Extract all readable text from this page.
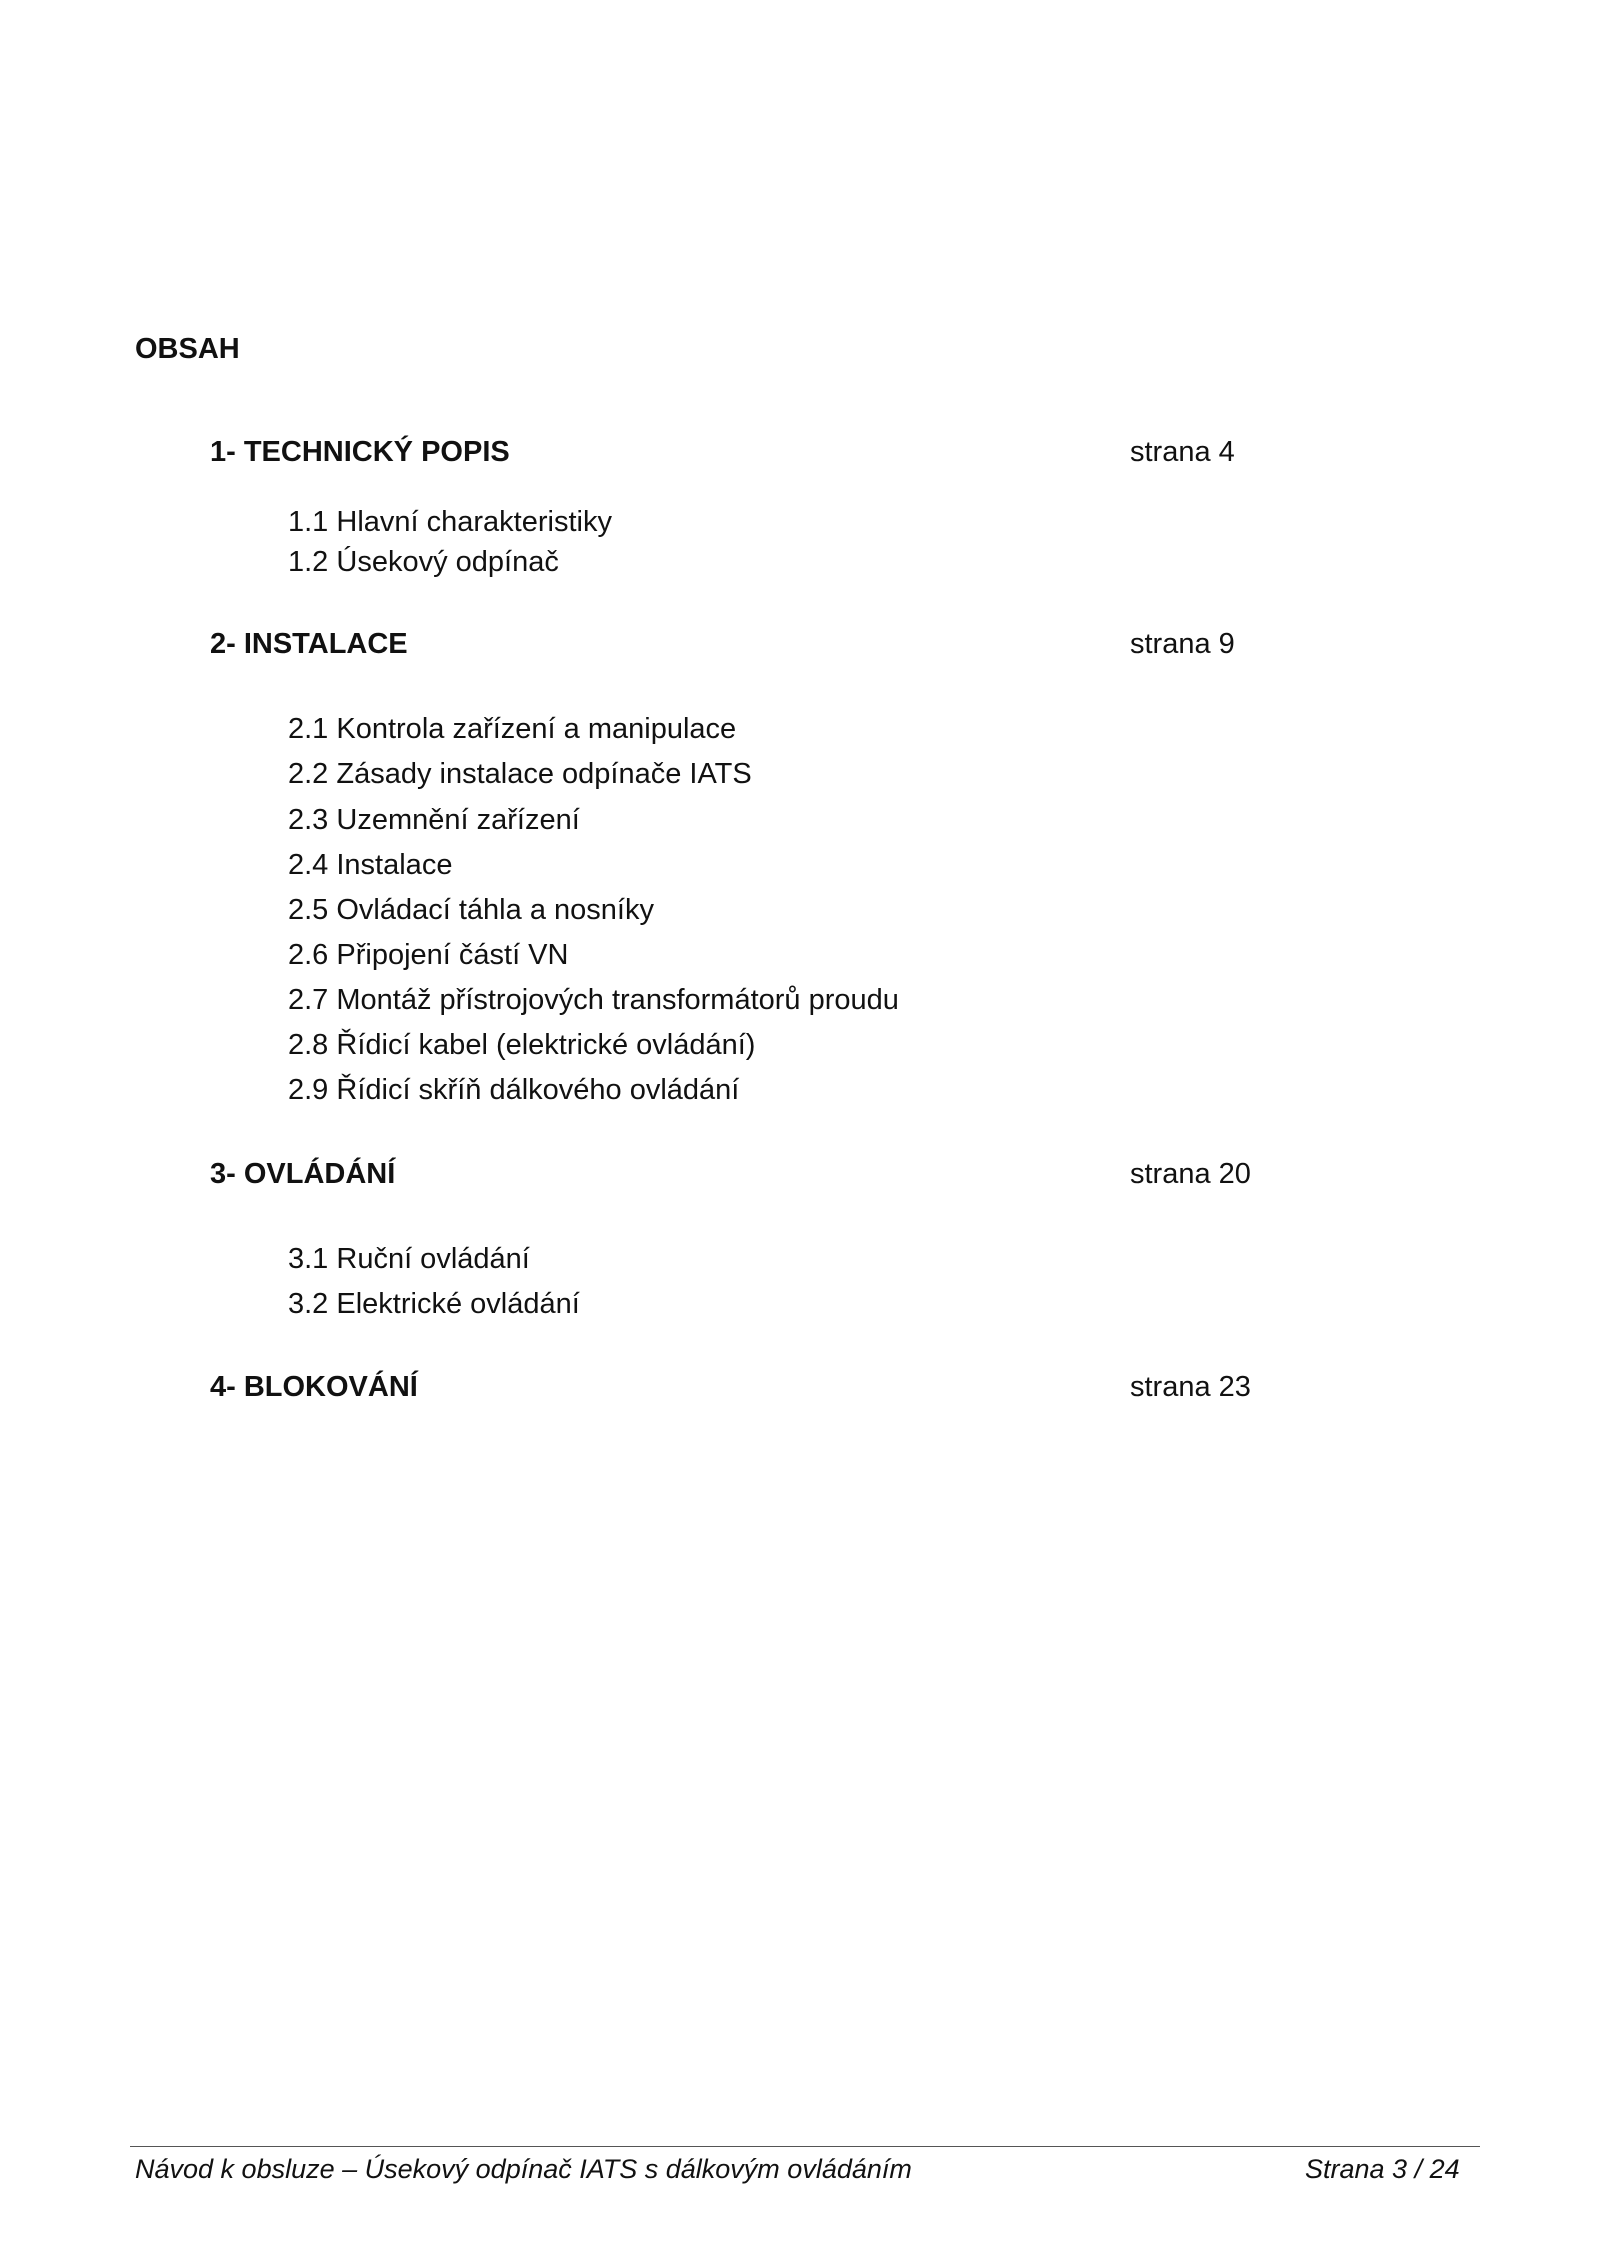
OBSAH
1- TECHNICKÝ POPIS	strana 4
1.1 Hlavní charakteristiky
1.2 Úsekový odpínač
2- INSTALACE	strana 9
2.1 Kontrola zařízení a manipulace
2.2 Zásady instalace odpínače IATS
2.3 Uzemnění zařízení
2.4 Instalace
2.5 Ovládací táhla a nosníky
2.6 Připojení částí VN
2.7 Montáž přístrojových transformátorů proudu
2.8 Řídicí kabel (elektrické ovládání)
2.9 Řídicí skříň dálkového ovládání
3- OVLÁDÁNÍ	strana 20
3.1 Ruční ovládání
3.2 Elektrické ovládání
4- BLOKOVÁNÍ	strana 23
Návod k obsluze – Úsekový odpínač IATS s dálkovým ovládáním	Strana 3 / 24
